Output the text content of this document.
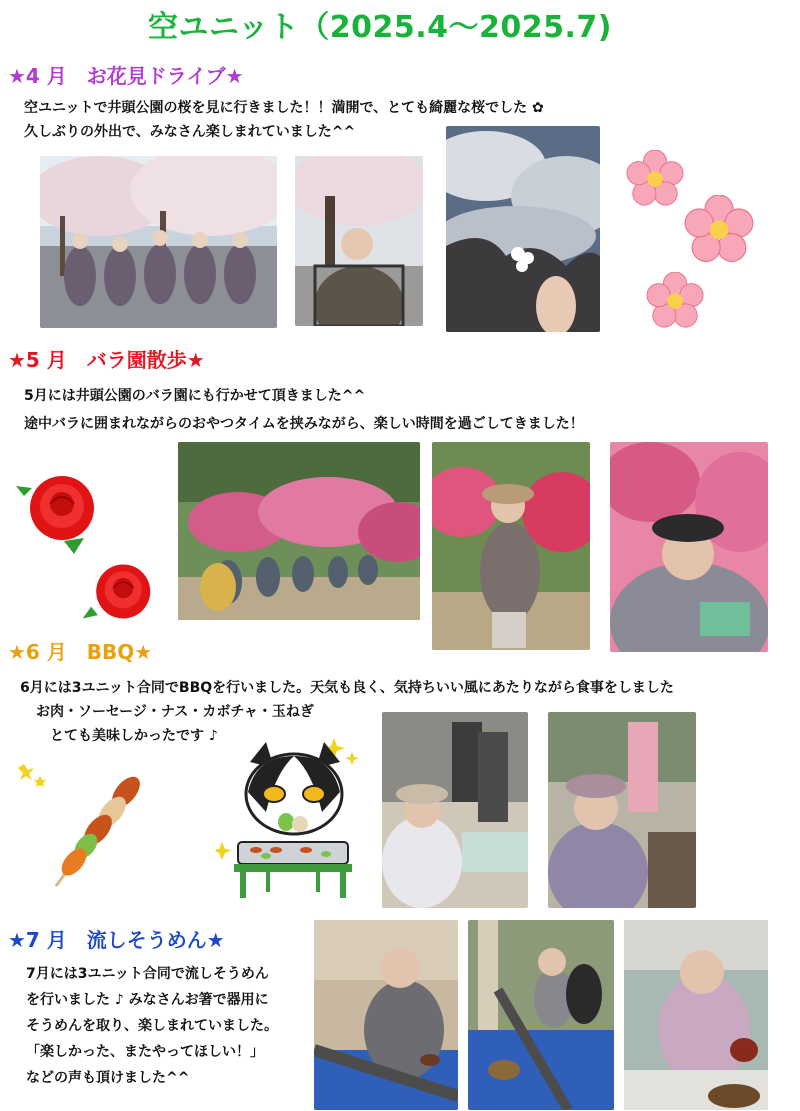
空ユニット（2025.4～2025.7)
★4 月　お花見ドライブ★
空ユニットで井頭公園の桜を見に行きました！！満開で、とても綺麗な桜でした ✿
久しぶりの外出で、みなさん楽しまれていました^^
★5 月　バラ園散歩★
5月には井頭公園のバラ園にも行かせて頂きました^^
途中バラに囲まれながらのおやつタイムを挟みながら、楽しい時間を過ごしてきました！
★6 月　BBQ★
6月には3ユニット合同でBBQを行いました。天気も良く、気持ちいい風にあたりながら食事をしました
お肉・ソーセージ・ナス・カボチャ・玉ねぎ
とても美味しかったです ♪
★7 月　流しそうめん★
7月には3ユニット合同で流しそうめん
を行いました ♪ みなさんお箸で器用に
そうめんを取り、楽しまれていました。
「楽しかった、またやってほしい！」
などの声も頂けました^^
